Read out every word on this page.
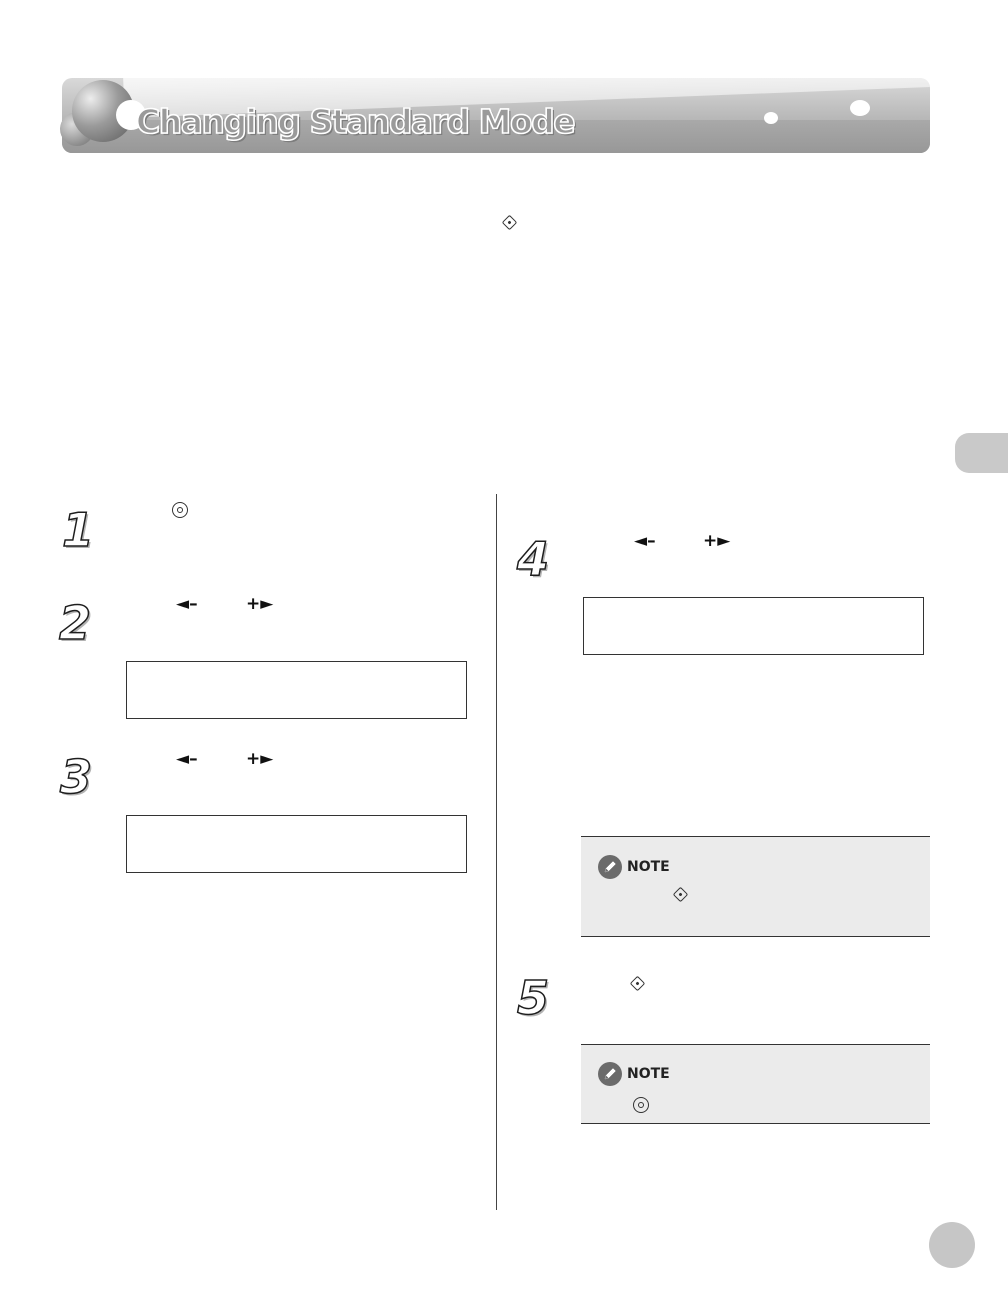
Changing Standard Mode
1
2	◄–	+►
3	◄–	+►
4	◄–	+►
NOTE
5
NOTE
